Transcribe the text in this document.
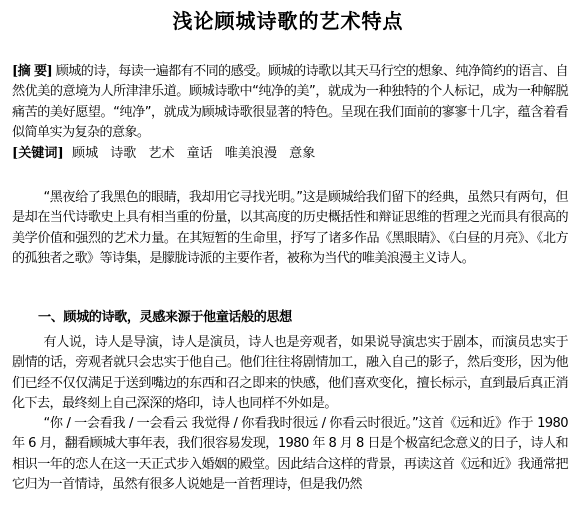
浅论顾城诗歌的艺术特点

[摘 要] 顾城的诗，每读一遍都有不同的感受。顾城的诗歌以其天马行空的想象、纯净简约的语言、自然优美的意境为人所津津乐道。顾城诗歌中“纯净的美”，就成为一种独特的个人标记，成为一种解脱痛苦的美好愿望。“纯净”，就成为顾城诗歌很显著的特色。呈现在我们面前的寥寥十几字，蕴含着看似简单实为复杂的意象。

[关键词] 顾城 诗歌 艺术 童话 唯美浪漫 意象

“黑夜给了我黑色的眼睛，我却用它寻找光明。”这是顾城给我们留下的经典，虽然只有两句，但是却在当代诗歌史上具有相当重的份量，以其高度的历史概括性和辩证思维的哲理之光而具有很高的美学价值和强烈的艺术力量。在其短暂的生命里，抒写了诸多作品《黑眼睛》、《白昼的月亮》、《北方的孤独者之歌》等诗集，是朦胧诗派的主要作者，被称为当代的唯美浪漫主义诗人。

一、顾城的诗歌，灵感来源于他童话般的思想

有人说，诗人是导演，诗人是演员，诗人也是旁观者，如果说导演忠实于剧本，而演员忠实于剧情的话，旁观者就只会忠实于他自己。他们往往将剧情加工，融入自己的影子，然后变形，因为他们已经不仅仅满足于送到嘴边的东西和召之即来的快感，他们喜欢变化，擅长标示，直到最后真正消化下去，最终刻上自己深深的烙印，诗人也同样不外如是。

“你 / 一会看我 / 一会看云 我觉得 / 你看我时很远 / 你看云时很近。”这首《远和近》作于 1980 年 6 月，翻看顾城大事年表，我们很容易发现，1980 年 8 月 8 日是个极富纪念意义的日子，诗人和相识一年的恋人在这一天正式步入婚姻的殿堂。因此结合这样的背景，再读这首《远和近》我通常把它归为一首情诗，虽然有很多人说她是一首哲理诗，但是我仍然
